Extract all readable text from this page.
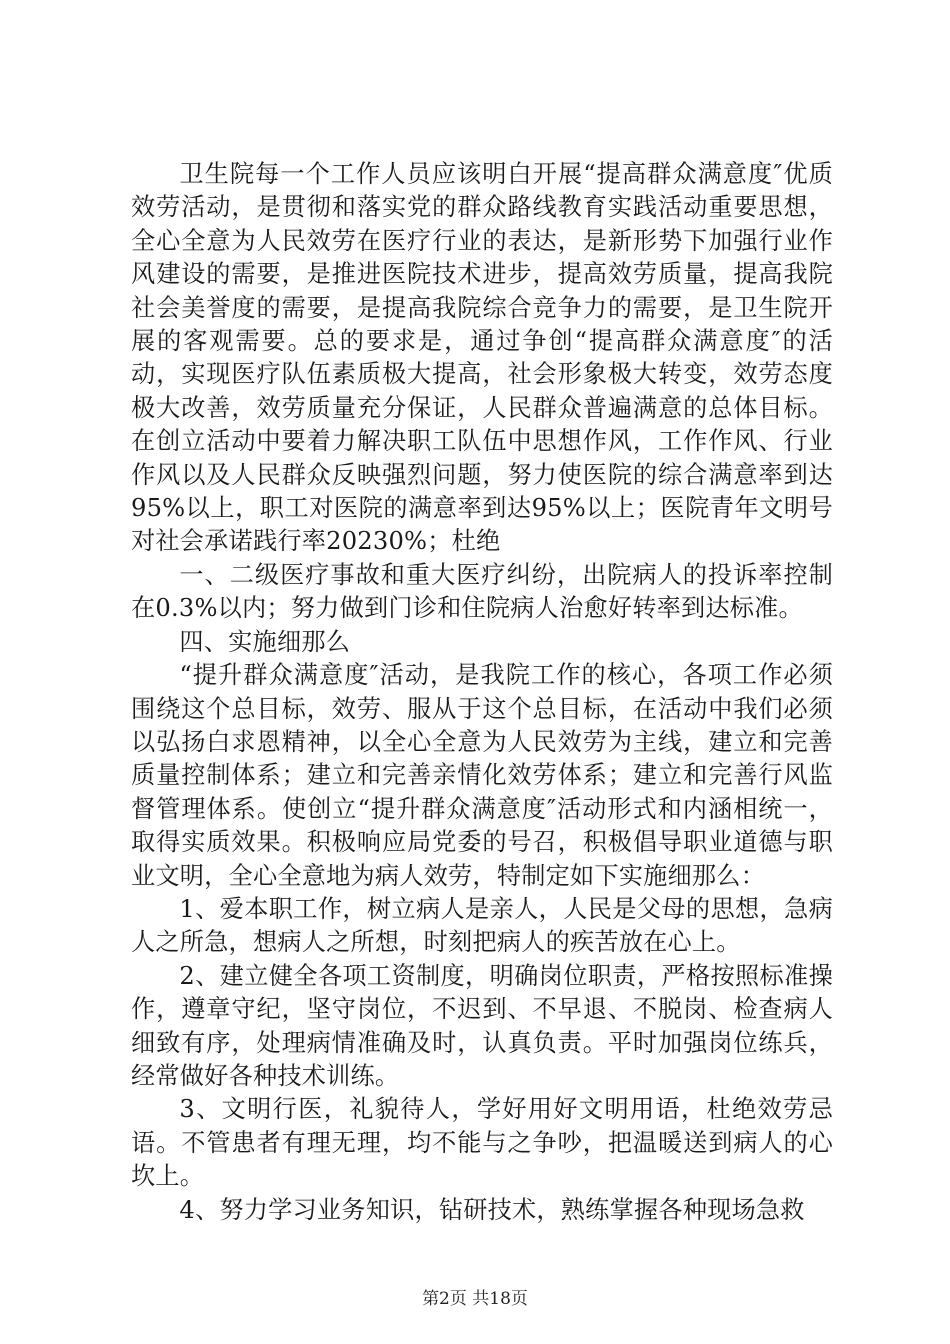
卫生院每一个工作人员应该明白开展“提高群众满意度″优质效劳活动，是贯彻和落实党的群众路线教育实践活动重要思想，全心全意为人民效劳在医疗行业的表达，是新形势下加强行业作风建设的需要，是推进医院技术进步，提高效劳质量，提高我院社会美誉度的需要，是提高我院综合竞争力的需要，是卫生院开展的客观需要。总的要求是，通过争创“提高群众满意度″的活动，实现医疗队伍素质极大提高，社会形象极大转变，效劳态度极大改善，效劳质量充分保证，人民群众普遍满意的总体目标。在创立活动中要着力解决职工队伍中思想作风，工作作风、行业作风以及人民群众反映强烈问题，努力使医院的综合满意率到达95%以上，职工对医院的满意率到达95%以上；医院青年文明号对社会承诺践行率20230%；杜绝

一、二级医疗事故和重大医疗纠纷，出院病人的投诉率控制在0.3%以内；努力做到门诊和住院病人治愈好转率到达标准。

四、实施细那么

“提升群众满意度″活动，是我院工作的核心，各项工作必须围绕这个总目标，效劳、服从于这个总目标，在活动中我们必须以弘扬白求恩精神，以全心全意为人民效劳为主线，建立和完善质量控制体系；建立和完善亲情化效劳体系；建立和完善行风监督管理体系。使创立“提升群众满意度″活动形式和内涵相统一，取得实质效果。积极响应局党委的号召，积极倡导职业道德与职业文明，全心全意地为病人效劳，特制定如下实施细那么：

1、爱本职工作，树立病人是亲人，人民是父母的思想，急病人之所急，想病人之所想，时刻把病人的疾苦放在心上。

2、建立健全各项工资制度，明确岗位职责，严格按照标准操作，遵章守纪，坚守岗位，不迟到、不早退、不脱岗、检查病人细致有序，处理病情准确及时，认真负责。平时加强岗位练兵，经常做好各种技术训练。

3、文明行医，礼貌待人，学好用好文明用语，杜绝效劳忌语。不管患者有理无理，均不能与之争吵，把温暖送到病人的心坎上。

4、努力学习业务知识，钻研技术，熟练掌握各种现场急救

第2页 共18页
